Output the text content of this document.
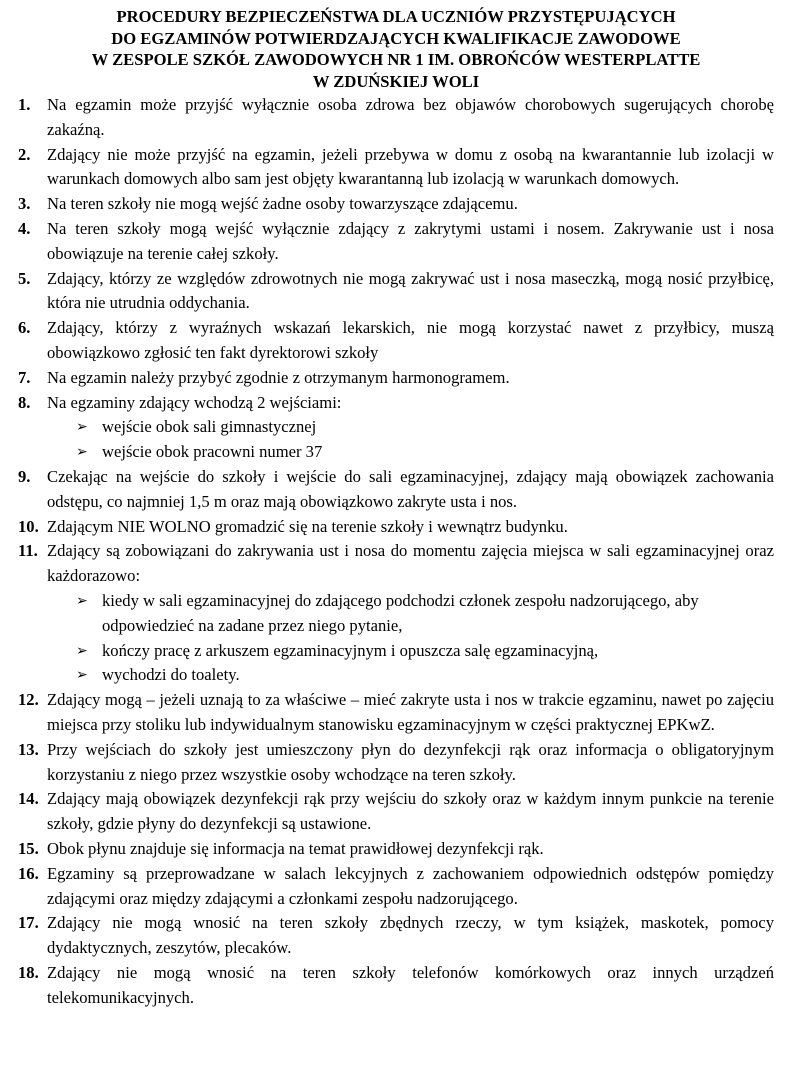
PROCEDURY BEZPIECZEŃSTWA DLA UCZNIÓW PRZYSTĘPUJĄCYCH
DO EGZAMINÓW POTWIERDZAJĄCYCH KWALIFIKACJE ZAWODOWE
W ZESPOLE SZKÓŁ ZAWODOWYCH NR 1 IM. OBROŃCÓW WESTERPLATTE
W ZDUŃSKIEJ WOLI
1. Na egzamin może przyjść wyłącznie osoba zdrowa bez objawów chorobowych sugerujących chorobę zakaźną.

2. Zdający nie może przyjść na egzamin, jeżeli przebywa w domu z osobą na kwarantannie lub izolacji w warunkach domowych albo sam jest objęty kwarantanną lub izolacją w warunkach domowych.

3. Na teren szkoły nie mogą wejść żadne osoby towarzyszące zdającemu.

4. Na teren szkoły mogą wejść wyłącznie zdający z zakrytymi ustami i nosem. Zakrywanie ust i nosa obowiązuje na terenie całej szkoły.

5. Zdający, którzy ze względów zdrowotnych nie mogą zakrywać ust i nosa maseczką, mogą nosić przyłbicę, która nie utrudnia oddychania.

6. Zdający, którzy z wyraźnych wskazań lekarskich, nie mogą korzystać nawet z przyłbicy, muszą obowiązkowo zgłosić ten fakt dyrektorowi szkoły

7. Na egzamin należy przybyć zgodnie z otrzymanym harmonogramem.

8. Na egzaminy zdający wchodzą 2 wejściami:

➢ wejście obok sali gimnastycznej
➢ wejście obok pracowni numer 37
9. Czekając na wejście do szkoły i wejście do sali egzaminacyjnej, zdający mają obowiązek zachowania odstępu, co najmniej 1,5 m oraz mają obowiązkowo zakryte usta i nos.

10. Zdającym NIE WOLNO gromadzić się na terenie szkoły i wewnątrz budynku.

11. Zdający są zobowiązani do zakrywania ust i nosa do momentu zajęcia miejsca w sali egzaminacyjnej oraz każdorazowo:

➢ kiedy w sali egzaminacyjnej do zdającego podchodzi członek zespołu nadzorującego, aby odpowiedzieć na zadane przez niego pytanie,
➢ kończy pracę z arkuszem egzaminacyjnym i opuszcza salę egzaminacyjną,
➢ wychodzi do toalety.
12. Zdający mogą – jeżeli uznają to za właściwe – mieć zakryte usta i nos w trakcie egzaminu, nawet po zajęciu miejsca przy stoliku lub indywidualnym stanowisku egzaminacyjnym w części praktycznej EPKwZ.

13. Przy wejściach do szkoły jest umieszczony płyn do dezynfekcji rąk oraz informacja o obligatoryjnym korzystaniu z niego przez wszystkie osoby wchodzące na teren szkoły.

14. Zdający mają obowiązek dezynfekcji rąk przy wejściu do szkoły oraz w każdym innym punkcie na terenie szkoły, gdzie płyny do dezynfekcji są ustawione.

15. Obok płynu znajduje się informacja na temat prawidłowej dezynfekcji rąk.

16. Egzaminy są przeprowadzane w salach lekcyjnych z zachowaniem odpowiednich odstępów pomiędzy zdającymi oraz między zdającymi a członkami zespołu nadzorującego.

17. Zdający nie mogą wnosić na teren szkoły zbędnych rzeczy, w tym książek, maskotek, pomocy dydaktycznych, zeszytów, plecaków.

18. Zdający nie mogą wnosić na teren szkoły telefonów komórkowych oraz innych urządzeń telekomunikacyjnych.
